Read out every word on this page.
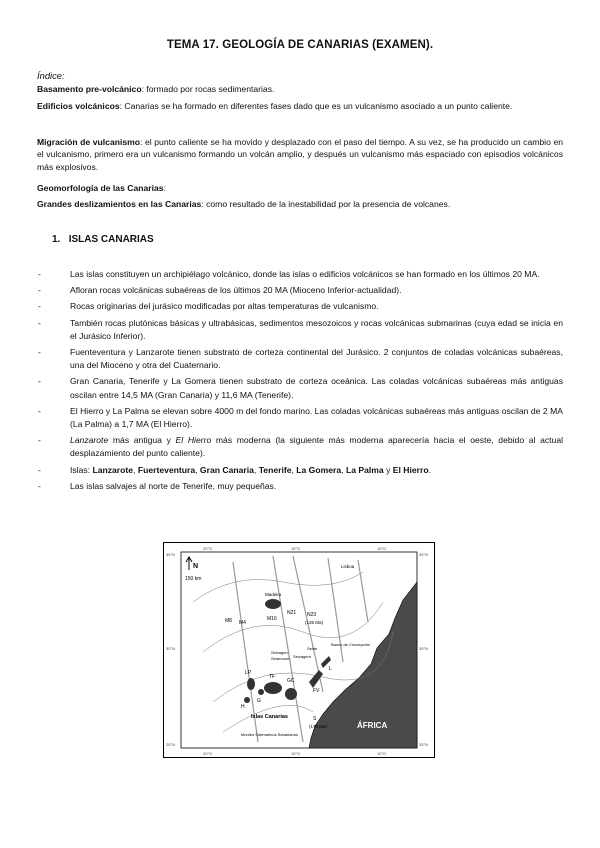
TEMA 17. GEOLOGÍA DE CANARIAS (EXAMEN).
Índice:
Basamento pre-volcánico: formado por rocas sedimentarias.
Edificios volcánicos: Canarias se ha formado en diferentes fases dado que es un vulcanismo asociado a un punto caliente.
Migración de vulcanismo: el punto caliente se ha movido y desplazado con el paso del tiempo. A su vez, se ha producido un cambio en el vulcanismo, primero era un vulcanismo formando un volcán amplio, y después un vulcanismo más espaciado con episodios volcánicos más explosivos.
Geomorfología de las Canarias:
Grandes deslizamientos en las Canarias: como resultado de la inestabilidad por la presencia de volcanes.
1. ISLAS CANARIAS
-	Las islas constituyen un archipiélago volcánico, donde las islas o edificios volcánicos se han formado en los últimos 20 MA.
-	Afloran rocas volcánicas subaéreas de los últimos 20 MA (Mioceno Inferior-actualidad).
-	Rocas originarias del jurásico modificadas por altas temperaturas de vulcanismo.
-	También rocas plutónicas básicas y ultrabásicas, sedimentos mesozoicos y rocas volcánicas submarinas (cuya edad se inicia en el Jurásico Inferior).
-	Fuenteventura y Lanzarote tienen substrato de corteza continental del Jurásico. 2 conjuntos de coladas volcánicas subaéreas, una del Mioceno y otra del Cuaternario.
-	Gran Canaria, Tenerife y La Gomera tienen substrato de corteza oceánica. Las coladas volcánicas subaéreas más antiguas oscilan entre 14,5 MA (Gran Canaria) y 11,6 MA (Tenerife).
-	El Hierro y La Palma se elevan sobre 4000 m del fondo marino. Las coladas volcánicas subaéreas más antiguas oscilan de 2 MA (La Palma) a 1,7 MA (El Hierro).
-	Lanzarote más antigua y El Hierro más moderna (la siguiente más moderna aparecería hacia el oeste, debido al actual desplazamiento del punto caliente).
-	Islas: Lanzarote, Fuerteventura, Gran Canaria, Tenerife, La Gomera, La Palma y El Hierro.
-	Las islas salvajes al norte de Tenerife, muy pequeñas.
ÁFRICA
N
150 km
M8 M4
Madeira
M16
N21 N23
(135 Ma)
Selvagen
Seamount
Seine
Selvagem
Banco de Concepción
LP
TF
GC
FV
H
G
L
S
(176 Ma)
Lisboa
Islas Canarias
Montes Submarinos Saharianos
20°O	15°O	10°O
20°O	15°O	10°O
35°N
30°N
25°N
35°N
30°N
25°N
